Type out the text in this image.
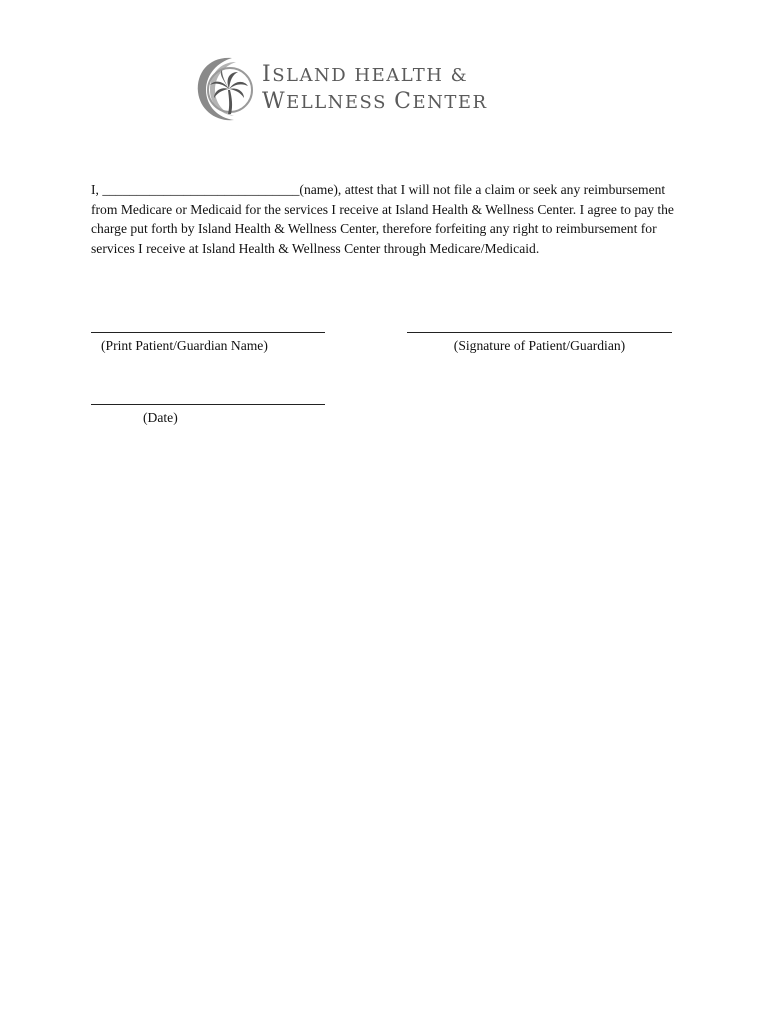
ISLAND HEALTH &
WELLNESS CENTER

I, _____________________________(name), attest that I will not file a claim or seek any reimbursement from Medicare or Medicaid for the services I receive at Island Health & Wellness Center. I agree to pay the charge put forth by Island Health & Wellness Center, therefore forfeiting any right to reimbursement for services I receive at Island Health & Wellness Center through Medicare/Medicaid.

(Print Patient/Guardian Name)	(Signature of Patient/Guardian)
(Date)
